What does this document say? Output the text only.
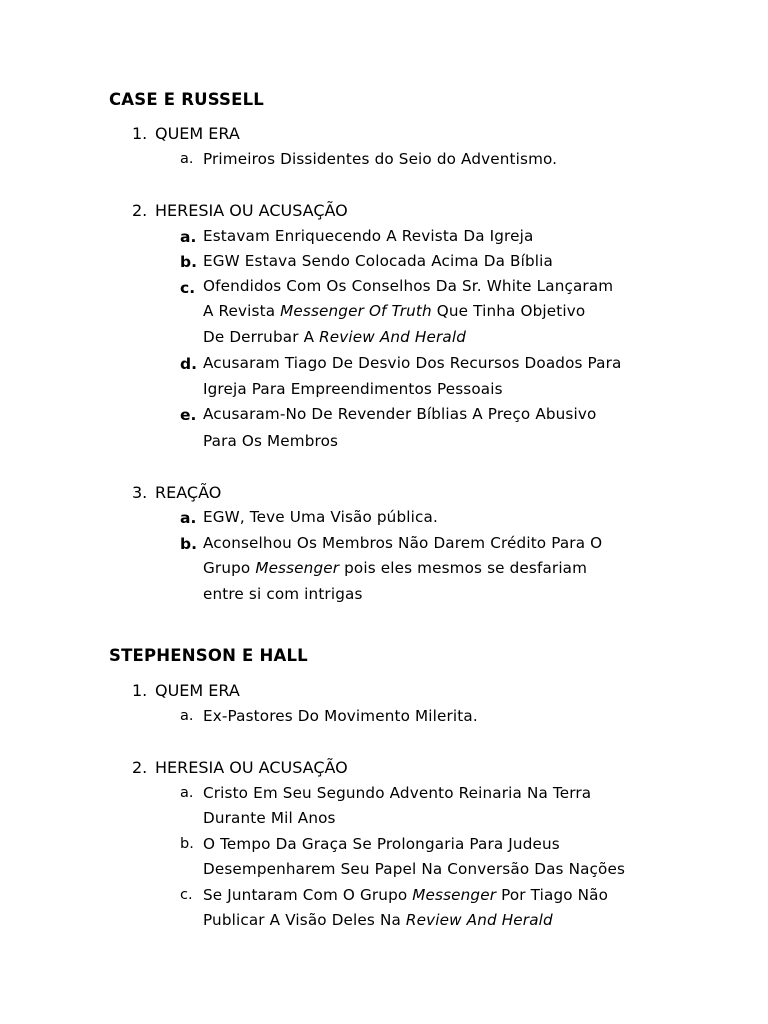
CASE E RUSSELL
1. QUEM ERA
a. Primeiros Dissidentes do Seio do Adventismo.
2. HERESIA OU ACUSAÇÃO
a. Estavam Enriquecendo A Revista Da Igreja
b. EGW Estava Sendo Colocada Acima Da Bíblia
c. Ofendidos Com Os Conselhos Da Sr. White Lançaram
A Revista Messenger Of Truth Que Tinha Objetivo
De Derrubar A Review And Herald
d. Acusaram Tiago De Desvio Dos Recursos Doados Para
Igreja Para Empreendimentos Pessoais
e. Acusaram-No De Revender Bíblias A Preço Abusivo
Para Os Membros
3. REAÇÃO
a. EGW, Teve Uma Visão pública.
b. Aconselhou Os Membros Não Darem Crédito Para O
Grupo Messenger pois eles mesmos se desfariam
entre si com intrigas
STEPHENSON E HALL
1. QUEM ERA
a. Ex-Pastores Do Movimento Milerita.
2. HERESIA OU ACUSAÇÃO
a. Cristo Em Seu Segundo Advento Reinaria Na Terra
Durante Mil Anos
b. O Tempo Da Graça Se Prolongaria Para Judeus
Desempenharem Seu Papel Na Conversão Das Nações
c. Se Juntaram Com O Grupo Messenger Por Tiago Não
Publicar A Visão Deles Na Review And Herald
